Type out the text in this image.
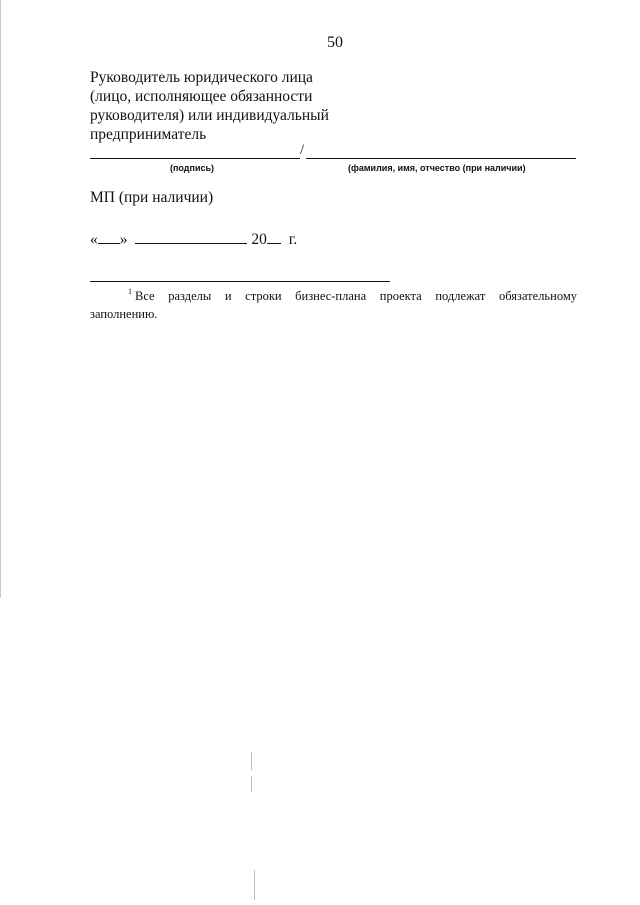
50
Руководитель юридического лица
(лицо, исполняющее обязанности
руководителя) или индивидуальный
предприниматель
/
(подпись)	(фамилия, имя, отчество (при наличии)
МП (при наличии)
« »	20 г.
$^1$ Все разделы и строки бизнес-плана проекта подлежат обязательному
заполнению.
